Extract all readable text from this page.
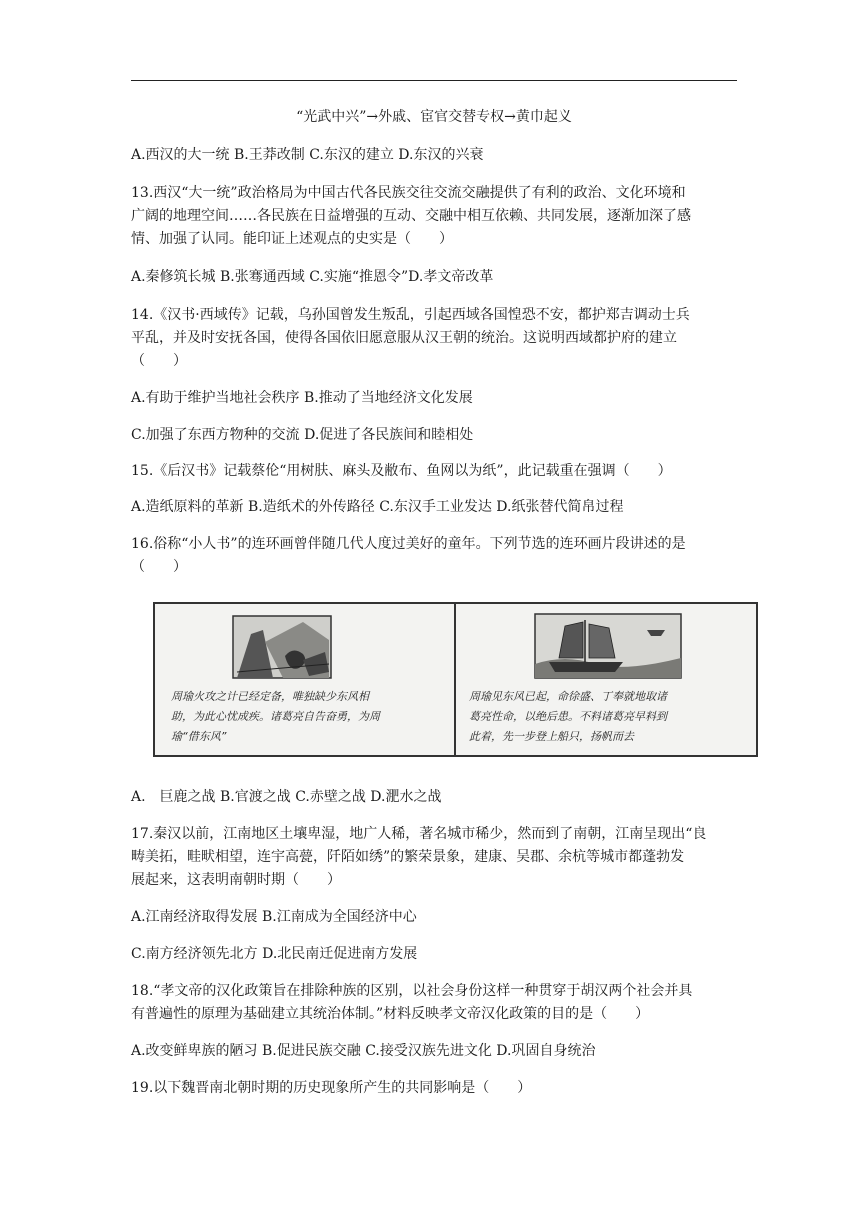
“光武中兴”→外戚、宦官交替专权→黄巾起义
A.西汉的大一统 B.王莽改制 C.东汉的建立 D.东汉的兴衰
13.西汉“大一统”政治格局为中国古代各民族交往交流交融提供了有利的政治、文化环境和
广阔的地理空间……各民族在日益增强的互动、交融中相互依赖、共同发展，逐渐加深了感
情、加强了认同。能印证上述观点的史实是（　　）
A.秦修筑长城 B.张骞通西域 C.实施“推恩令”D.孝文帝改革
14.《汉书·西域传》记载，乌孙国曾发生叛乱，引起西域各国惶恐不安，都护郑吉调动士兵
平乱，并及时安抚各国，使得各国依旧愿意服从汉王朝的统治。这说明西域都护府的建立
（　　）
A.有助于维护当地社会秩序 B.推动了当地经济文化发展
C.加强了东西方物种的交流 D.促进了各民族间和睦相处
15.《后汉书》记载蔡伦“用树肤、麻头及敝布、鱼网以为纸”，此记载重在强调（　　）
A.造纸原料的革新 B.造纸术的外传路径 C.东汉手工业发达 D.纸张替代简帛过程
16.俗称“小人书”的连环画曾伴随几代人度过美好的童年。下列节选的连环画片段讲述的是
（　　）
周瑜火攻之计已经定备，唯独缺少东风相
助，为此心忧成疾。诸葛亮自告奋勇，为周
瑜“借东风”
周瑜见东风已起，命徐盛、丁奉就地取诸
葛亮性命，以绝后患。不料诸葛亮早料到
此着，先一步登上船只，扬帆而去
A.　巨鹿之战 B.官渡之战 C.赤壁之战 D.淝水之战
17.秦汉以前，江南地区土壤卑湿，地广人稀，著名城市稀少，然而到了南朝，江南呈现出“良
畴美拓，畦畎相望，连宇高甍，阡陌如绣”的繁荣景象，建康、吴郡、余杭等城市都蓬勃发
展起来，这表明南朝时期（　　）
A.江南经济取得发展 B.江南成为全国经济中心
C.南方经济领先北方 D.北民南迁促进南方发展
18.“孝文帝的汉化政策旨在排除种族的区别，以社会身份这样一种贯穿于胡汉两个社会并具
有普遍性的原理为基础建立其统治体制。”材料反映孝文帝汉化政策的目的是（　　）
A.改变鲜卑族的陋习 B.促进民族交融 C.接受汉族先进文化 D.巩固自身统治
19.以下魏晋南北朝时期的历史现象所产生的共同影响是（　　）
